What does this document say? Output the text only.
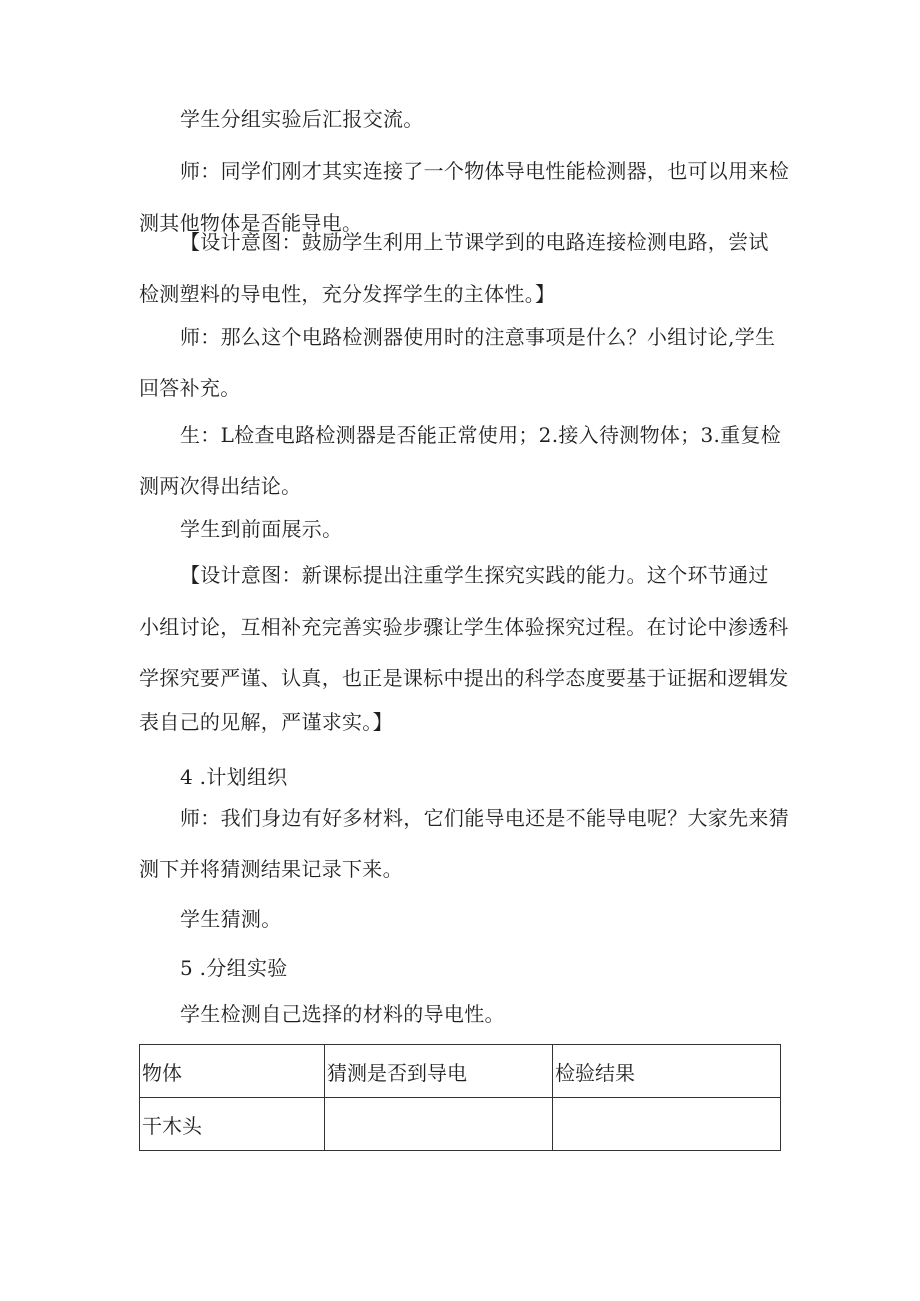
学生分组实验后汇报交流。
师：同学们刚才其实连接了一个物体导电性能检测器，也可以用来检
测其他物体是否能导电。
【设计意图：鼓励学生利用上节课学到的电路连接检测电路，尝试
检测塑料的导电性，充分发挥学生的主体性。】
师：那么这个电路检测器使用时的注意事项是什么？小组讨论,学生
回答补充。
生：L检查电路检测器是否能正常使用；2.接入待测物体；3.重复检
测两次得出结论。
学生到前面展示。
【设计意图：新课标提出注重学生探究实践的能力。这个环节通过
小组讨论，互相补充完善实验步骤让学生体验探究过程。在讨论中渗透科
学探究要严谨、认真，也正是课标中提出的科学态度要基于证据和逻辑发
表自己的见解，严谨求实。】
4 .计划组织
师：我们身边有好多材料，它们能导电还是不能导电呢？大家先来猜
测下并将猜测结果记录下来。
学生猜测。
5 .分组实验
学生检测自己选择的材料的导电性。
物体	猜测是否到导电	检验结果
干木头		
